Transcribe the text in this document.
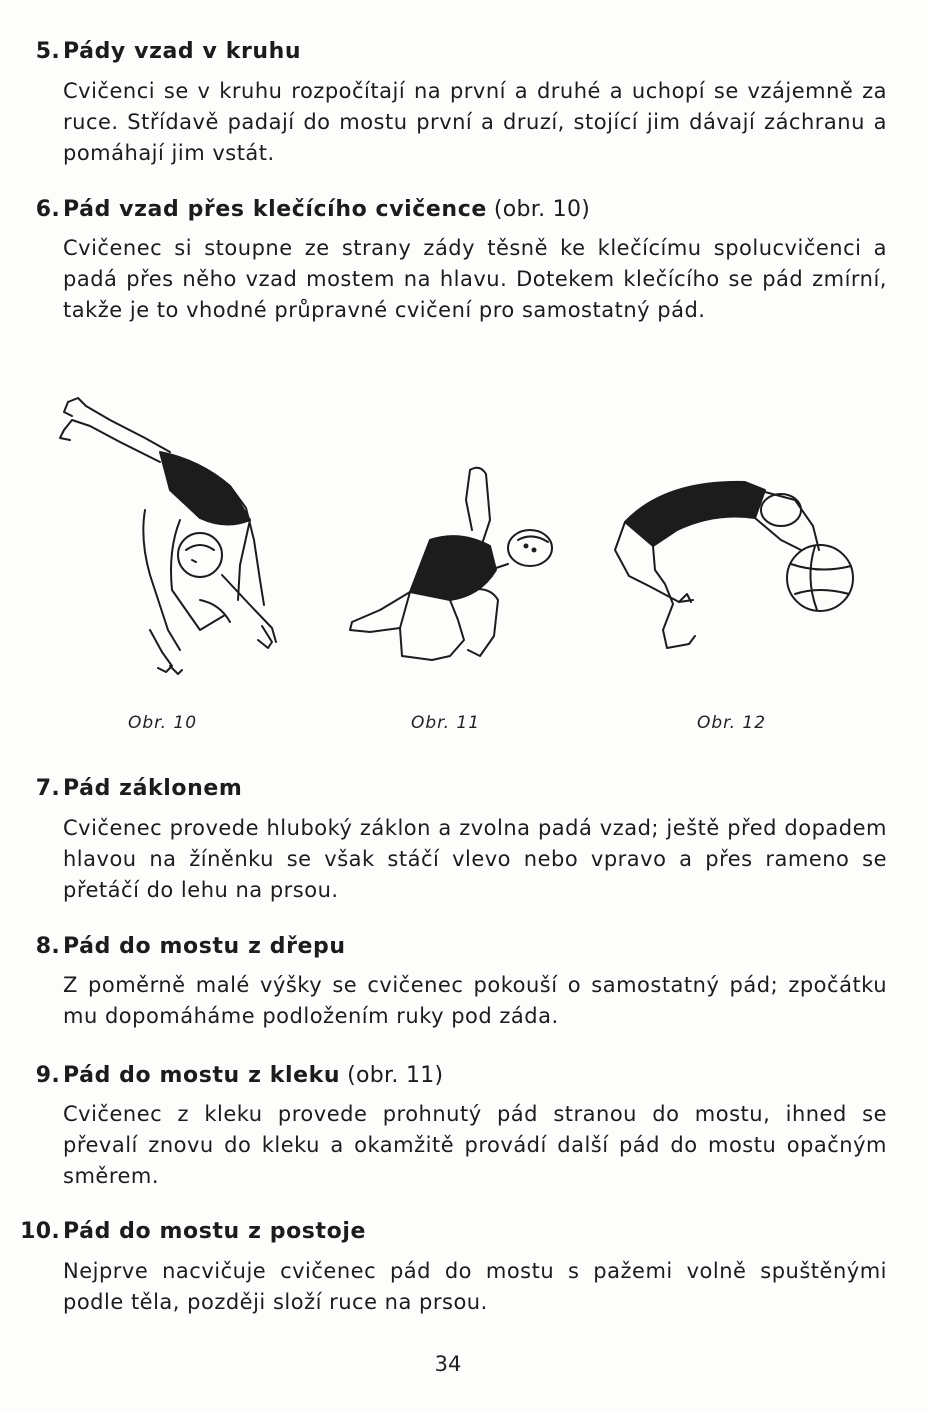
5. Pády vzad v kruhu
Cvičenci se v kruhu rozpočítají na první a druhé a uchopí se vzájemně za ruce. Střídavě padají do mostu první a druzí, stojící jim dávají záchranu a pomáhají jim vstát.
6. Pád vzad přes klečícího cvičence (obr. 10)
Cvičenec si stoupne ze strany zády těsně ke klečícímu spolucvičenci a padá přes něho vzad mostem na hlavu. Dotekem klečícího se pád zmírní, takže je to vhodné průpravné cvičení pro samostatný pád.
Obr. 10	Obr. 11	Obr. 12
7. Pád záklonem
Cvičenec provede hluboký záklon a zvolna padá vzad; ještě před dopadem hlavou na žíněnku se však stáčí vlevo nebo vpravo a přes rameno se přetáčí do lehu na prsou.
8. Pád do mostu z dřepu
Z poměrně malé výšky se cvičenec pokouší o samostatný pád; zpočátku mu dopomáháme podložením ruky pod záda.
9. Pád do mostu z kleku (obr. 11)
Cvičenec z kleku provede prohnutý pád stranou do mostu, ihned se převalí znovu do kleku a okamžitě provádí další pád do mostu opačným směrem.
10. Pád do mostu z postoje
Nejprve nacvičuje cvičenec pád do mostu s pažemi volně spuštěnými podle těla, později složí ruce na prsou.
34
